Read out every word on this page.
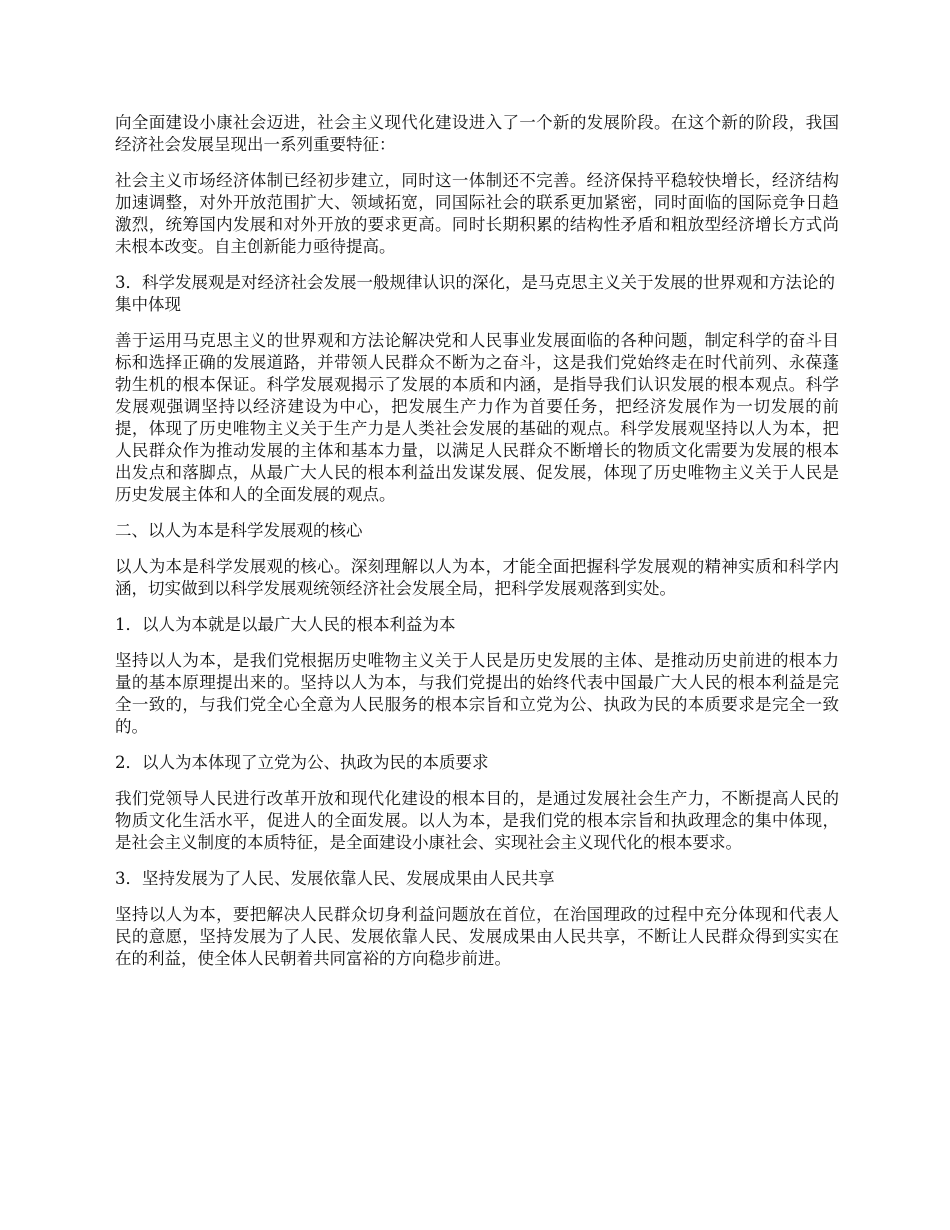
向全面建设小康社会迈进，社会主义现代化建设进入了一个新的发展阶段。在这个新的阶段，我国经济社会发展呈现出一系列重要特征：

社会主义市场经济体制已经初步建立，同时这一体制还不完善。经济保持平稳较快增长，经济结构加速调整，对外开放范围扩大、领域拓宽，同国际社会的联系更加紧密，同时面临的国际竞争日趋激烈，统筹国内发展和对外开放的要求更高。同时长期积累的结构性矛盾和粗放型经济增长方式尚未根本改变。自主创新能力亟待提高。

3．科学发展观是对经济社会发展一般规律认识的深化，是马克思主义关于发展的世界观和方法论的集中体现

善于运用马克思主义的世界观和方法论解决党和人民事业发展面临的各种问题，制定科学的奋斗目标和选择正确的发展道路，并带领人民群众不断为之奋斗，这是我们党始终走在时代前列、永葆蓬勃生机的根本保证。科学发展观揭示了发展的本质和内涵，是指导我们认识发展的根本观点。科学发展观强调坚持以经济建设为中心，把发展生产力作为首要任务，把经济发展作为一切发展的前提，体现了历史唯物主义关于生产力是人类社会发展的基础的观点。科学发展观坚持以人为本，把人民群众作为推动发展的主体和基本力量，以满足人民群众不断增长的物质文化需要为发展的根本出发点和落脚点，从最广大人民的根本利益出发谋发展、促发展，体现了历史唯物主义关于人民是历史发展主体和人的全面发展的观点。

二、以人为本是科学发展观的核心

以人为本是科学发展观的核心。深刻理解以人为本，才能全面把握科学发展观的精神实质和科学内涵，切实做到以科学发展观统领经济社会发展全局，把科学发展观落到实处。

1．以人为本就是以最广大人民的根本利益为本

坚持以人为本，是我们党根据历史唯物主义关于人民是历史发展的主体、是推动历史前进的根本力量的基本原理提出来的。坚持以人为本，与我们党提出的始终代表中国最广大人民的根本利益是完全一致的，与我们党全心全意为人民服务的根本宗旨和立党为公、执政为民的本质要求是完全一致的。

2．以人为本体现了立党为公、执政为民的本质要求

我们党领导人民进行改革开放和现代化建设的根本目的，是通过发展社会生产力，不断提高人民的物质文化生活水平，促进人的全面发展。以人为本，是我们党的根本宗旨和执政理念的集中体现，是社会主义制度的本质特征，是全面建设小康社会、实现社会主义现代化的根本要求。

3．坚持发展为了人民、发展依靠人民、发展成果由人民共享

坚持以人为本，要把解决人民群众切身利益问题放在首位，在治国理政的过程中充分体现和代表人民的意愿，坚持发展为了人民、发展依靠人民、发展成果由人民共享，不断让人民群众得到实实在在的利益，使全体人民朝着共同富裕的方向稳步前进。
